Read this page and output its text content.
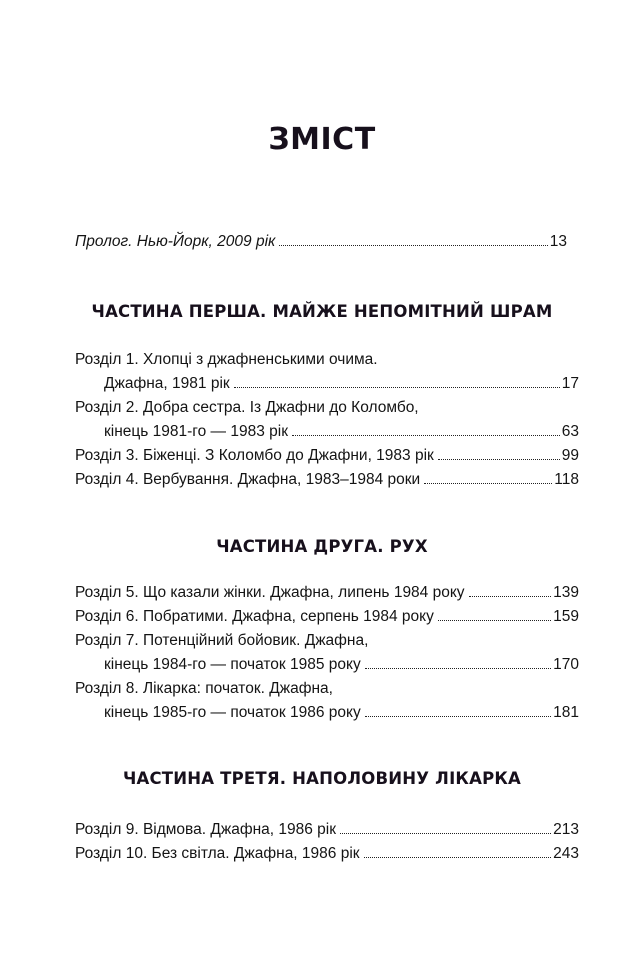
ЗМІСТ
Пролог. Нью-Йорк, 2009 рік	13
ЧАСТИНА ПЕРША. МАЙЖЕ НЕПОМІТНИЙ ШРАМ
Розділ 1. Хлопці з джафненськими очима.
Джафна, 1981 рік	17
Розділ 2. Добра сестра. Із Джафни до Коломбо,
кінець 1981-го — 1983 рік	63
Розділ 3. Біженці. З Коломбо до Джафни, 1983 рік	99
Розділ 4. Вербування. Джафна, 1983–1984 роки	118
ЧАСТИНА ДРУГА. РУХ
Розділ 5. Що казали жінки. Джафна, липень 1984 року	139
Розділ 6. Побратими. Джафна, серпень 1984 року	159
Розділ 7. Потенційний бойовик. Джафна,
кінець 1984-го — початок 1985 року	170
Розділ 8. Лікарка: початок. Джафна,
кінець 1985-го — початок 1986 року	181
ЧАСТИНА ТРЕТЯ. НАПОЛОВИНУ ЛІКАРКА
Розділ 9. Відмова. Джафна, 1986 рік	213
Розділ 10. Без світла. Джафна, 1986 рік	243
